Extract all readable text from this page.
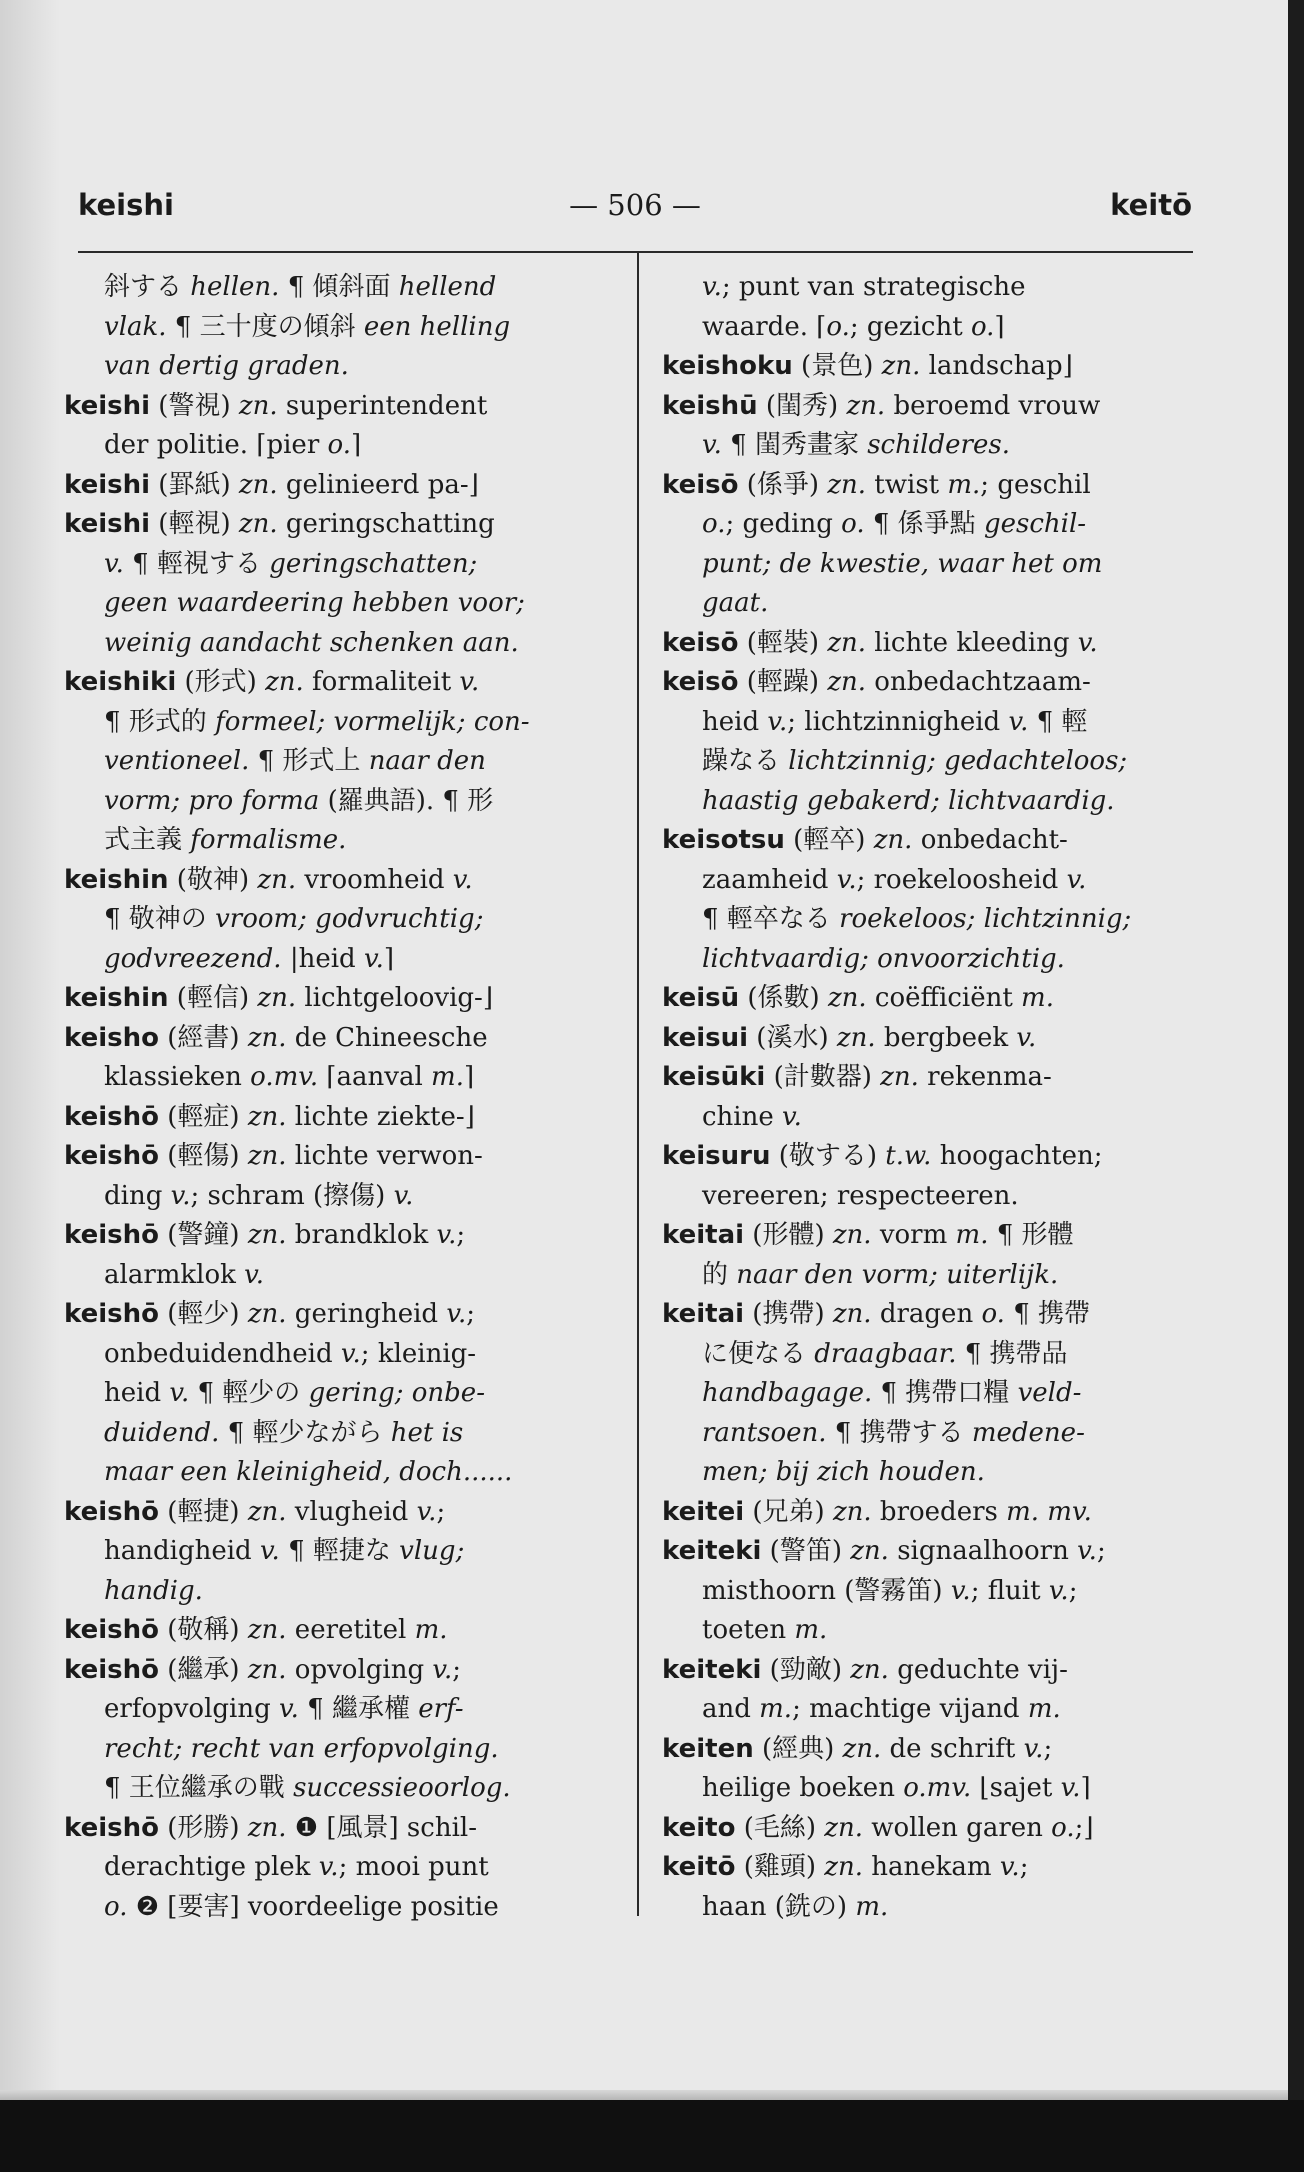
keishi	— 506 —	keitō
斜する hellen. ¶ 傾斜面 hellend
vlak. ¶ 三十度の傾斜 een helling
van dertig graden.
keishi (警視) zn. superintendent
der politie. ⌈pier o.⌉
keishi (罫紙) zn. gelinieerd pa-⌋
keishi (輕視) zn. geringschatting
v. ¶ 輕視する geringschatten;
geen waardeering hebben voor;
weinig aandacht schenken aan.
keishiki (形式) zn. formaliteit v.
¶ 形式的 formeel; vormelijk; con-
ventioneel. ¶ 形式上 naar den
vorm; pro forma (羅典語). ¶ 形
式主義 formalisme.
keishin (敬神) zn. vroomheid v.
¶ 敬神の vroom; godvruchtig;
godvreezend. |heid v.⌉
keishin (輕信) zn. lichtgeloovig-⌋
keisho (經書) zn. de Chineesche
klassieken o.mv. ⌈aanval m.⌉
keishō (輕症) zn. lichte ziekte-⌋
keishō (輕傷) zn. lichte verwon-
ding v.; schram (擦傷) v.
keishō (警鐘) zn. brandklok v.;
alarmklok v.
keishō (輕少) zn. geringheid v.;
onbeduidendheid v.; kleinig-
heid v. ¶ 輕少の gering; onbe-
duidend. ¶ 輕少ながら het is
maar een kleinigheid, doch......
keishō (輕捷) zn. vlugheid v.;
handigheid v. ¶ 輕捷な vlug;
handig.
keishō (敬稱) zn. eeretitel m.
keishō (繼承) zn. opvolging v.;
erfopvolging v. ¶ 繼承權 erf-
recht; recht van erfopvolging.
¶ 王位繼承の戰 successieoorlog.
keishō (形勝) zn. ❶ [風景] schil-
derachtige plek v.; mooi punt
o. ❷ [要害] voordeelige positie
v.; punt van strategische
waarde. ⌈o.; gezicht o.⌉
keishoku (景色) zn. landschap⌋
keishū (閨秀) zn. beroemd vrouw
v. ¶ 閨秀畫家 schilderes.
keisō (係爭) zn. twist m.; geschil
o.; geding o. ¶ 係爭點 geschil-
punt; de kwestie, waar het om
gaat.
keisō (輕裝) zn. lichte kleeding v.
keisō (輕躁) zn. onbedachtzaam-
heid v.; lichtzinnigheid v. ¶ 輕
躁なる lichtzinnig; gedachteloos;
haastig gebakerd; lichtvaardig.
keisotsu (輕卒) zn. onbedacht-
zaamheid v.; roekeloosheid v.
¶ 輕卒なる roekeloos; lichtzinnig;
lichtvaardig; onvoorzichtig.
keisū (係數) zn. coëfficiënt m.
keisui (溪水) zn. bergbeek v.
keisūki (計數器) zn. rekenma-
chine v.
keisuru (敬する) t.w. hoogachten;
vereeren; respecteeren.
keitai (形體) zn. vorm m. ¶ 形體
的 naar den vorm; uiterlijk.
keitai (携帶) zn. dragen o. ¶ 携帶
に便なる draagbaar. ¶ 携帶品
handbagage. ¶ 携帶口糧 veld-
rantsoen. ¶ 携帶する medene-
men; bij zich houden.
keitei (兄弟) zn. broeders m. mv.
keiteki (警笛) zn. signaalhoorn v.;
misthoorn (警霧笛) v.; fluit v.;
toeten m.
keiteki (勁敵) zn. geduchte vij-
and m.; machtige vijand m.
keiten (經典) zn. de schrift v.;
heilige boeken o.mv. ⌊sajet v.⌉
keito (毛絲) zn. wollen garen o.;⌋
keitō (雞頭) zn. hanekam v.;
haan (銑の) m.
